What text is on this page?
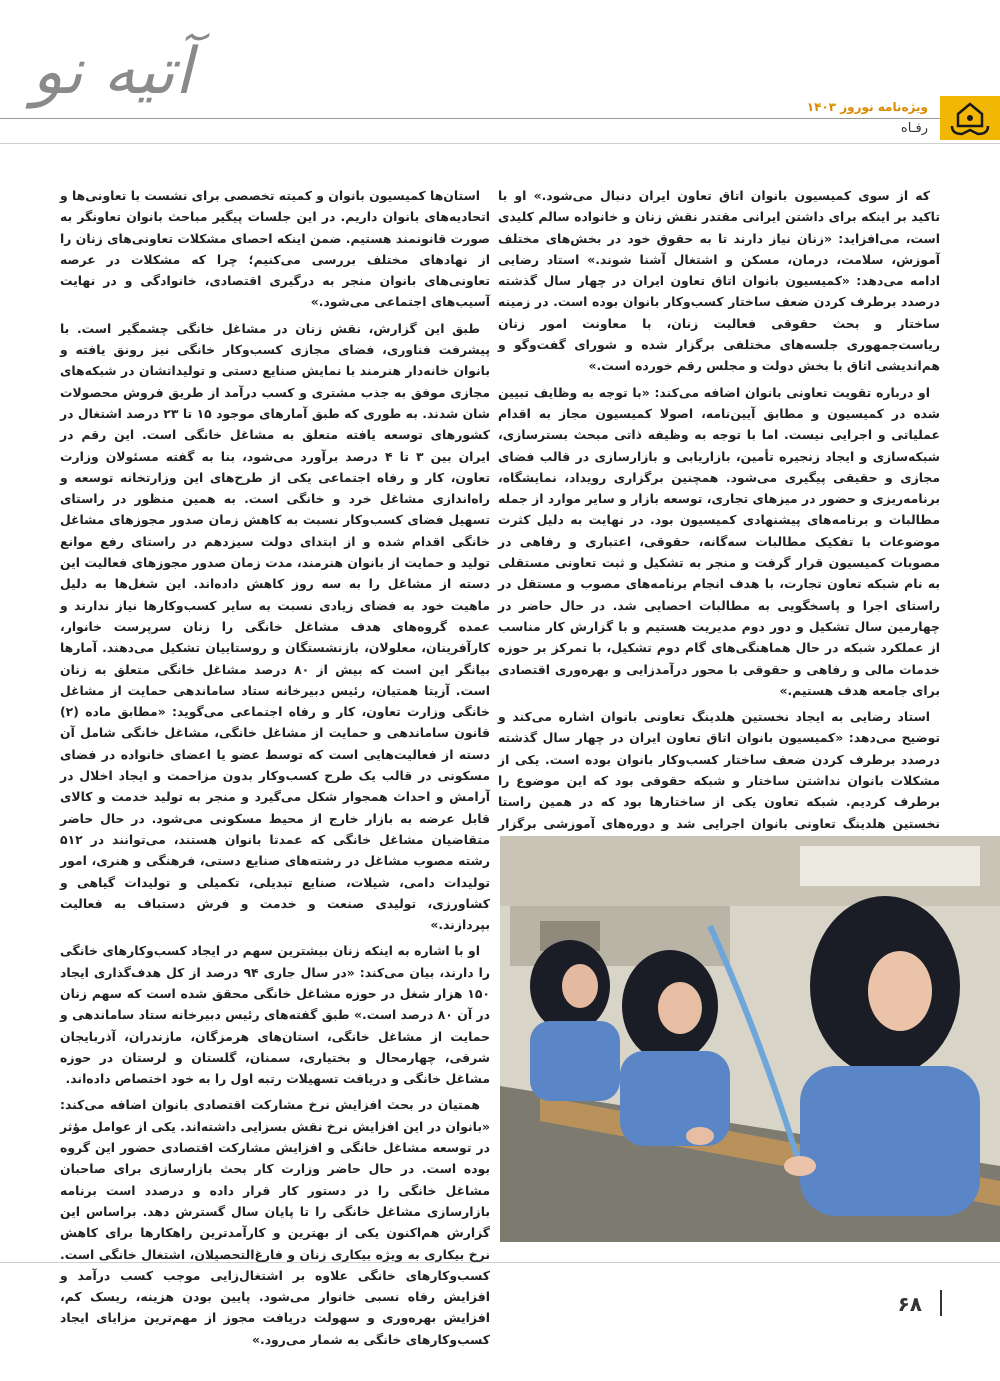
آتیه نو	ویژه‌نامه نوروز ۱۴۰۳
رفـاه

که از سوی کمیسیون بانوان اتاق تعاون ایران دنبال می‌شود.» او با تاکید بر اینکه برای داشتن ایرانی مقتدر نقش زنان و خانواده سالم کلیدی است، می‌افزاید: «زنان نیاز دارند تا به حقوق خود در بخش‌های مختلف آموزش، سلامت، درمان، مسکن و اشتغال آشنا شوند.» استاد رضایی ادامه می‌دهد: «کمیسیون بانوان اتاق تعاون ایران در چهار سال گذشته درصدد برطرف کردن ضعف ساختار کسب‌وکار بانوان بوده است. در زمینه ساختار و بحث حقوقی فعالیت زنان، با معاونت امور زنان ریاست‌جمهوری جلسه‌های مختلفی برگزار شده و شورای گفت‌وگو و هم‌اندیشی اتاق با بخش دولت و مجلس رقم خورده است.»

او درباره تقویت تعاونی بانوان اضافه می‌کند: «با توجه به وظایف تبیین شده در کمیسیون و مطابق آیین‌نامه، اصولا کمیسیون مجاز به اقدام عملیاتی و اجرایی نیست. اما با توجه به وظیفه ذاتی مبحث بسترسازی، شبکه‌سازی و ایجاد زنجیره تأمین، بازاریابی و بازارسازی در قالب فضای مجازی و حقیقی پیگیری می‌شود. همچنین برگزاری رویداد، نمایشگاه، برنامه‌ریزی و حضور در میزهای تجاری، توسعه بازار و سایر موارد از جمله مطالبات و برنامه‌های پیشنهادی کمیسیون بود. در نهایت به دلیل کثرت موضوعات با تفکیک مطالبات سه‌گانه، حقوقی، اعتباری و رفاهی در مصوبات کمیسیون قرار گرفت و منجر به تشکیل و ثبت تعاونی مستقلی به نام شبکه تعاون تجارت، با هدف انجام برنامه‌های مصوب و مستقل در راستای اجرا و پاسخگویی به مطالبات احصایی شد. در حال حاضر در چهارمین سال تشکیل و دور دوم مدیریت هستیم و با گزارش کار مناسب از عملکرد شبکه در حال هماهنگی‌های گام دوم تشکیل، با تمرکز بر حوزه خدمات مالی و رفاهی و حقوقی با محور درآمدزایی و بهره‌وری اقتصادی برای جامعه هدف هستیم.»

استاد رضایی به ایجاد نخستین هلدینگ تعاونی بانوان اشاره می‌کند و توضیح می‌دهد: «کمیسیون بانوان اتاق تعاون ایران در چهار سال گذشته درصدد برطرف کردن ضعف ساختار کسب‌وکار بانوان بوده است. یکی از مشکلات بانوان نداشتن ساختار و شبکه حقوقی بود که این موضوع را برطرف کردیم. شبکه تعاون یکی از ساختارها بود که در همین راستا نخستین هلدینگ تعاونی بانوان اجرایی شد و دوره‌های آموزشی برگزار

استان‌ها کمیسیون بانوان و کمیته تخصصی برای نشست با تعاونی‌ها و اتحادیه‌های بانوان داریم. در این جلسات پیگیر مباحث بانوان تعاونگر به صورت قانونمند هستیم. ضمن اینکه احصای مشکلات تعاونی‌های زنان را از نهادهای مختلف بررسی می‌کنیم؛ چرا که مشکلات در عرصه تعاونی‌های بانوان منجر به درگیری اقتصادی، خانوادگی و در نهایت آسیب‌های اجتماعی می‌شود.»

طبق این گزارش، نقش زنان در مشاغل خانگی چشمگیر است. با پیشرفت فناوری، فضای مجازی کسب‌وکار خانگی نیز رونق یافته و بانوان خانه‌دار هنرمند با نمایش صنایع دستی و تولیداتشان در شبکه‌های مجازی موفق به جذب مشتری و کسب درآمد از طریق فروش محصولات شان شدند. به طوری که طبق آمارهای موجود ۱۵ تا ۲۳ درصد اشتغال در کشورهای توسعه یافته متعلق به مشاغل خانگی است. این رقم در ایران بین ۳ تا ۴ درصد برآورد می‌شود، بنا به گفته مسئولان وزارت تعاون، کار و رفاه اجتماعی یکی از طرح‌های این وزارتخانه توسعه و راه‌اندازی مشاغل خرد و خانگی است. به همین منظور در راستای تسهیل فضای کسب‌وکار نسبت به کاهش زمان صدور مجوزهای مشاغل خانگی اقدام شده و از ابتدای دولت سیزدهم در راستای رفع موانع تولید و حمایت از بانوان هنرمند، مدت زمان صدور مجوزهای فعالیت این دسته از مشاغل را به سه روز کاهش داده‌اند. این شغل‌ها به دلیل ماهیت خود به فضای زیادی نسبت به سایر کسب‌وکارها نیاز ندارند و عمده گروه‌های هدف مشاغل خانگی را زنان سرپرست خانوار، کارآفرینان، معلولان، بازنشستگان و روستاییان تشکیل می‌دهند. آمارها بیانگر این است که بیش از ۸۰ درصد مشاغل خانگی متعلق به زنان است. آزیتا همتیان، رئیس دبیرخانه ستاد ساماندهی حمایت از مشاغل خانگی وزارت تعاون، کار و رفاه اجتماعی می‌گوید: «مطابق ماده (۲) قانون ساماندهی و حمایت از مشاغل خانگی، مشاغل خانگی شامل آن دسته از فعالیت‌هایی است که توسط عضو یا اعضای خانواده در فضای مسکونی در قالب یک طرح کسب‌وکار بدون مزاحمت و ایجاد اخلال در آرامش و احداث همجوار شکل می‌گیرد و منجر به تولید خدمت و کالای قابل عرضه به بازار خارج از محیط مسکونی می‌شود. در حال حاضر متقاضیان مشاغل خانگی که عمدتا بانوان هستند، می‌توانند در ۵۱۲ رشته مصوب مشاغل در رشته‌های صنایع دستی، فرهنگی و هنری، امور تولیدات دامی، شیلات، صنایع تبدیلی، تکمیلی و تولیدات گیاهی و کشاورزی، تولیدی صنعت و خدمت و فرش دستباف به فعالیت بپردازند.»

او با اشاره به اینکه زنان بیشترین سهم در ایجاد کسب‌وکارهای خانگی را دارند، بیان می‌کند: «در سال جاری ۹۴ درصد از کل هدف‌گذاری ایجاد ۱۵۰ هزار شغل در حوزه مشاغل خانگی محقق شده است که سهم زنان در آن ۸۰ درصد است.» طبق گفته‌های رئیس دبیرخانه ستاد ساماندهی و حمایت از مشاغل خانگی، استان‌های هرمزگان، مازندران، آذربایجان شرقی، چهارمحال و بختیاری، سمنان، گلستان و لرستان در حوزه مشاغل خانگی و دریافت تسهیلات رتبه اول را به خود اختصاص داده‌اند.

همتیان در بحث افزایش نرخ مشارکت اقتصادی بانوان اضافه می‌کند: «بانوان در این افزایش نرخ نقش بسزایی داشته‌اند. یکی از عوامل مؤثر در توسعه مشاغل خانگی و افزایش مشارکت اقتصادی حضور این گروه بوده است. در حال حاضر وزارت کار بحث بازارسازی برای صاحبان مشاغل خانگی را در دستور کار قرار داده و درصدد است برنامه بازارسازی مشاغل خانگی را تا پایان سال گسترش دهد. براساس این گزارش هم‌اکنون یکی از بهترین و کارآمدترین راهکارها برای کاهش نرخ بیکاری به ویژه بیکاری زنان و فارغ‌التحصیلان، اشتغال خانگی است. کسب‌وکارهای خانگی علاوه بر اشتغال‌زایی موجب کسب درآمد و افزایش رفاه نسبی خانوار می‌شود. پایین بودن هزینه، ریسک کم، افزایش بهره‌وری و سهولت دریافت مجوز از مهم‌ترین مزایای ایجاد کسب‌وکارهای خانگی به شمار می‌رود.»

۶۸
